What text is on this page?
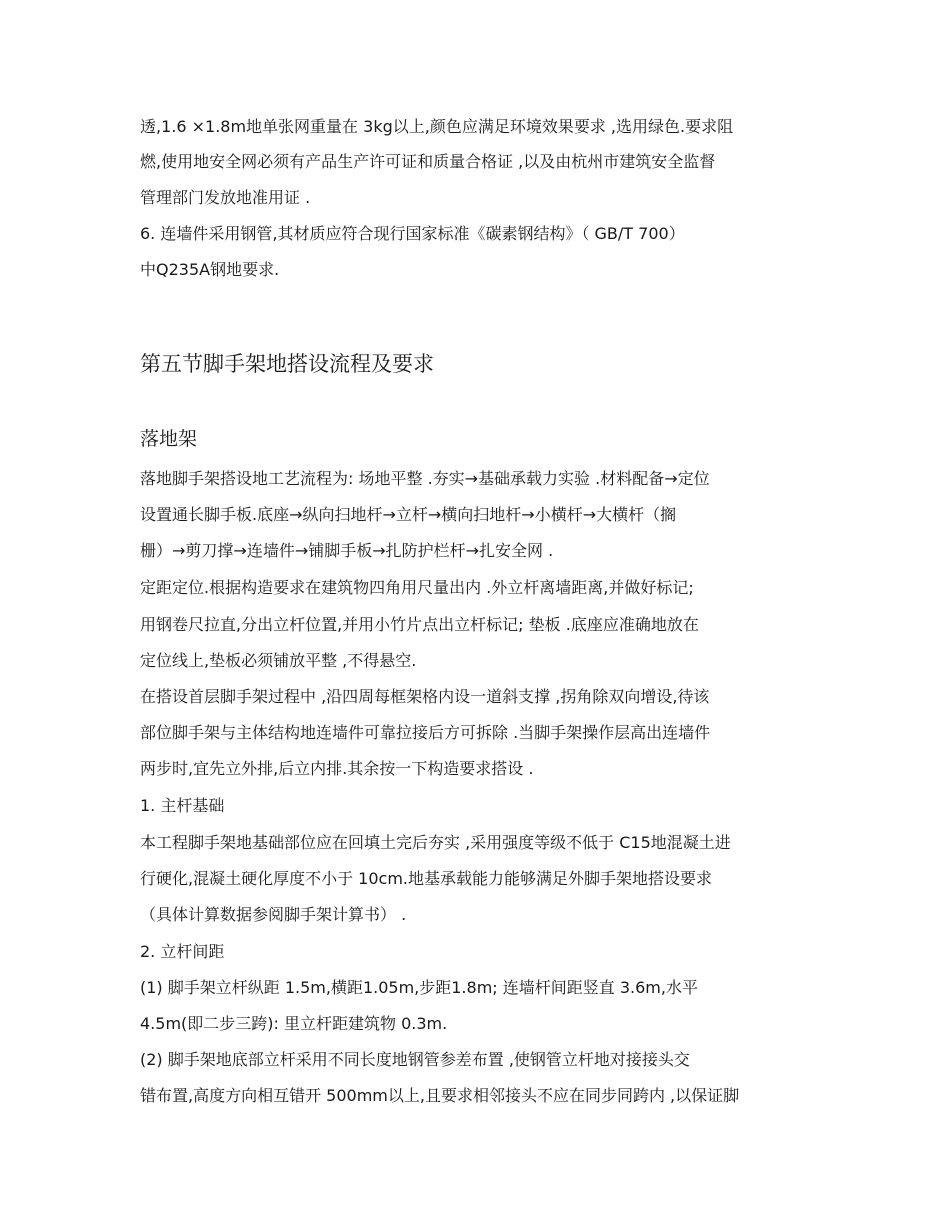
透,1.6 ×1.8m地单张网重量在 3kg以上,颜色应满足环境效果要求 ,选用绿色.要求阻
燃,使用地安全网必须有产品生产许可证和质量合格证 ,以及由杭州市建筑安全监督
管理部门发放地准用证 .
6. 连墙件采用钢管,其材质应符合现行国家标准《碳素钢结构》（ GB/T 700）
中Q235A钢地要求.
第五节脚手架地搭设流程及要求
落地架
落地脚手架搭设地工艺流程为: 场地平整 .夯实→基础承载力实验 .材料配备→定位
设置通长脚手板.底座→纵向扫地杆→立杆→横向扫地杆→小横杆→大横杆（搁
栅）→剪刀撑→连墙件→铺脚手板→扎防护栏杆→扎安全网 .
定距定位.根据构造要求在建筑物四角用尺量出内 .外立杆离墙距离,并做好标记;
用钢卷尺拉直,分出立杆位置,并用小竹片点出立杆标记; 垫板 .底座应准确地放在
定位线上,垫板必须铺放平整 ,不得悬空.
在搭设首层脚手架过程中 ,沿四周每框架格内设一道斜支撑 ,拐角除双向增设,待该
部位脚手架与主体结构地连墙件可靠拉接后方可拆除 .当脚手架操作层高出连墙件
两步时,宜先立外排,后立内排.其余按一下构造要求搭设 .
1. 主杆基础
本工程脚手架地基础部位应在回填土完后夯实 ,采用强度等级不低于 C15地混凝土进
行硬化,混凝土硬化厚度不小于 10cm.地基承载能力能够满足外脚手架地搭设要求
（具体计算数据参阅脚手架计算书） .
2. 立杆间距
(1) 脚手架立杆纵距 1.5m,横距1.05m,步距1.8m; 连墙杆间距竖直 3.6m,水平
4.5m(即二步三跨): 里立杆距建筑物 0.3m.
(2) 脚手架地底部立杆采用不同长度地钢管参差布置 ,使钢管立杆地对接接头交
错布置,高度方向相互错开 500mm以上,且要求相邻接头不应在同步同跨内 ,以保证脚
